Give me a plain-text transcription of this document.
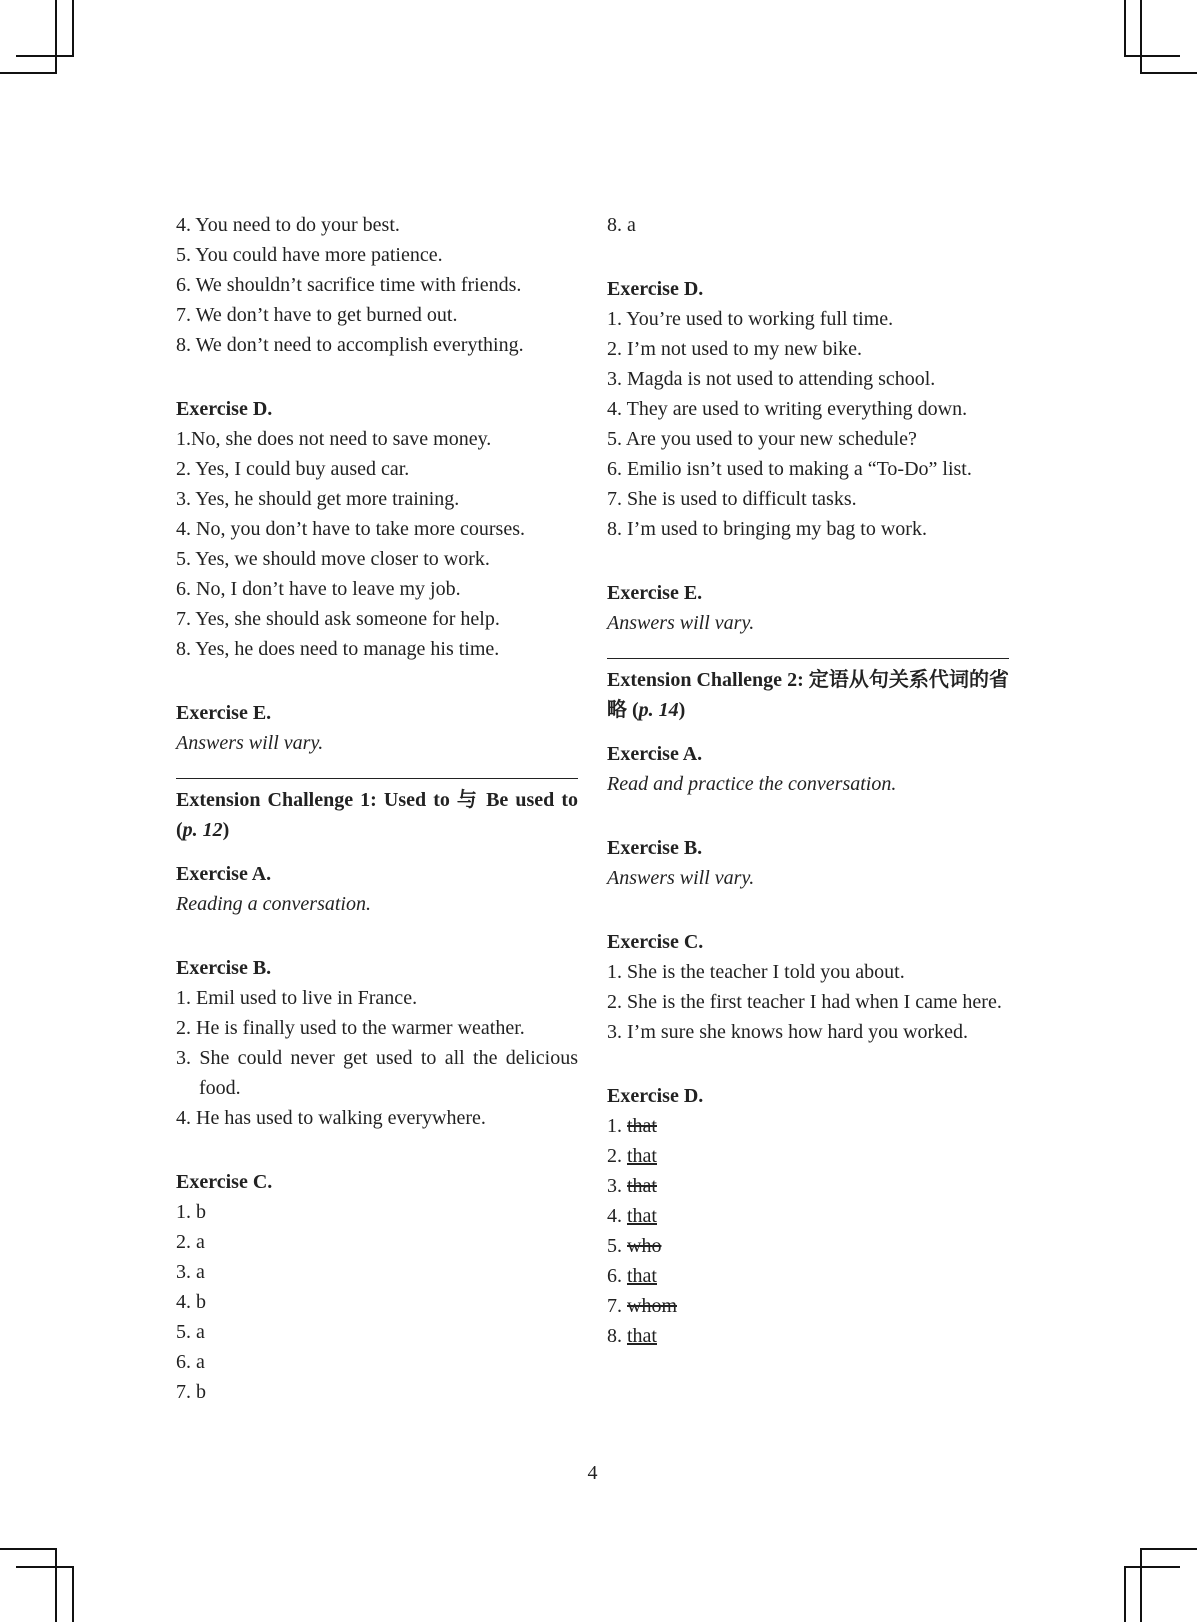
4. You need to do your best.
5. You could have more patience.
6. We shouldn’t sacrifice time with friends.
7. We don’t have to get burned out.
8. We don’t need to accomplish everything.
Exercise D.
1.No, she does not need to save money.
2. Yes, I could buy aused car.
3. Yes, he should get more training.
4. No, you don’t have to take more courses.
5. Yes, we should move closer to work.
6. No, I don’t have to leave my job.
7. Yes, she should ask someone for help.
8. Yes, he does need to manage his time.
Exercise E.
Answers will vary.
Extension Challenge 1: Used to 与 Be used to (p. 12)
Exercise A.
Reading a conversation.
Exercise B.
1. Emil used to live in France.
2. He is finally used to the warmer weather.
3. She could never get used to all the delicious food.
4. He has used to walking everywhere.
Exercise C.
1. b
2. a
3. a
4. b
5. a
6. a
7. b
8. a
Exercise D.
1. You’re used to working full time.
2. I’m not used to my new bike.
3. Magda is not used to attending school.
4. They are used to writing everything down.
5. Are you used to your new schedule?
6. Emilio isn’t used to making a “To-Do” list.
7. She is used to difficult tasks.
8. I’m used to bringing my bag to work.
Exercise E.
Answers will vary.
Extension Challenge 2: 定语从句关系代词的省略 (p. 14)
Exercise A.
Read and practice the conversation.
Exercise B.
Answers will vary.
Exercise C.
1. She is the teacher I told you about.
2. She is the first teacher I had when I came here.
3. I’m sure she knows how hard you worked.
Exercise D.
1. that
2. that
3. that
4. that
5. who
6. that
7. whom
8. that
4
